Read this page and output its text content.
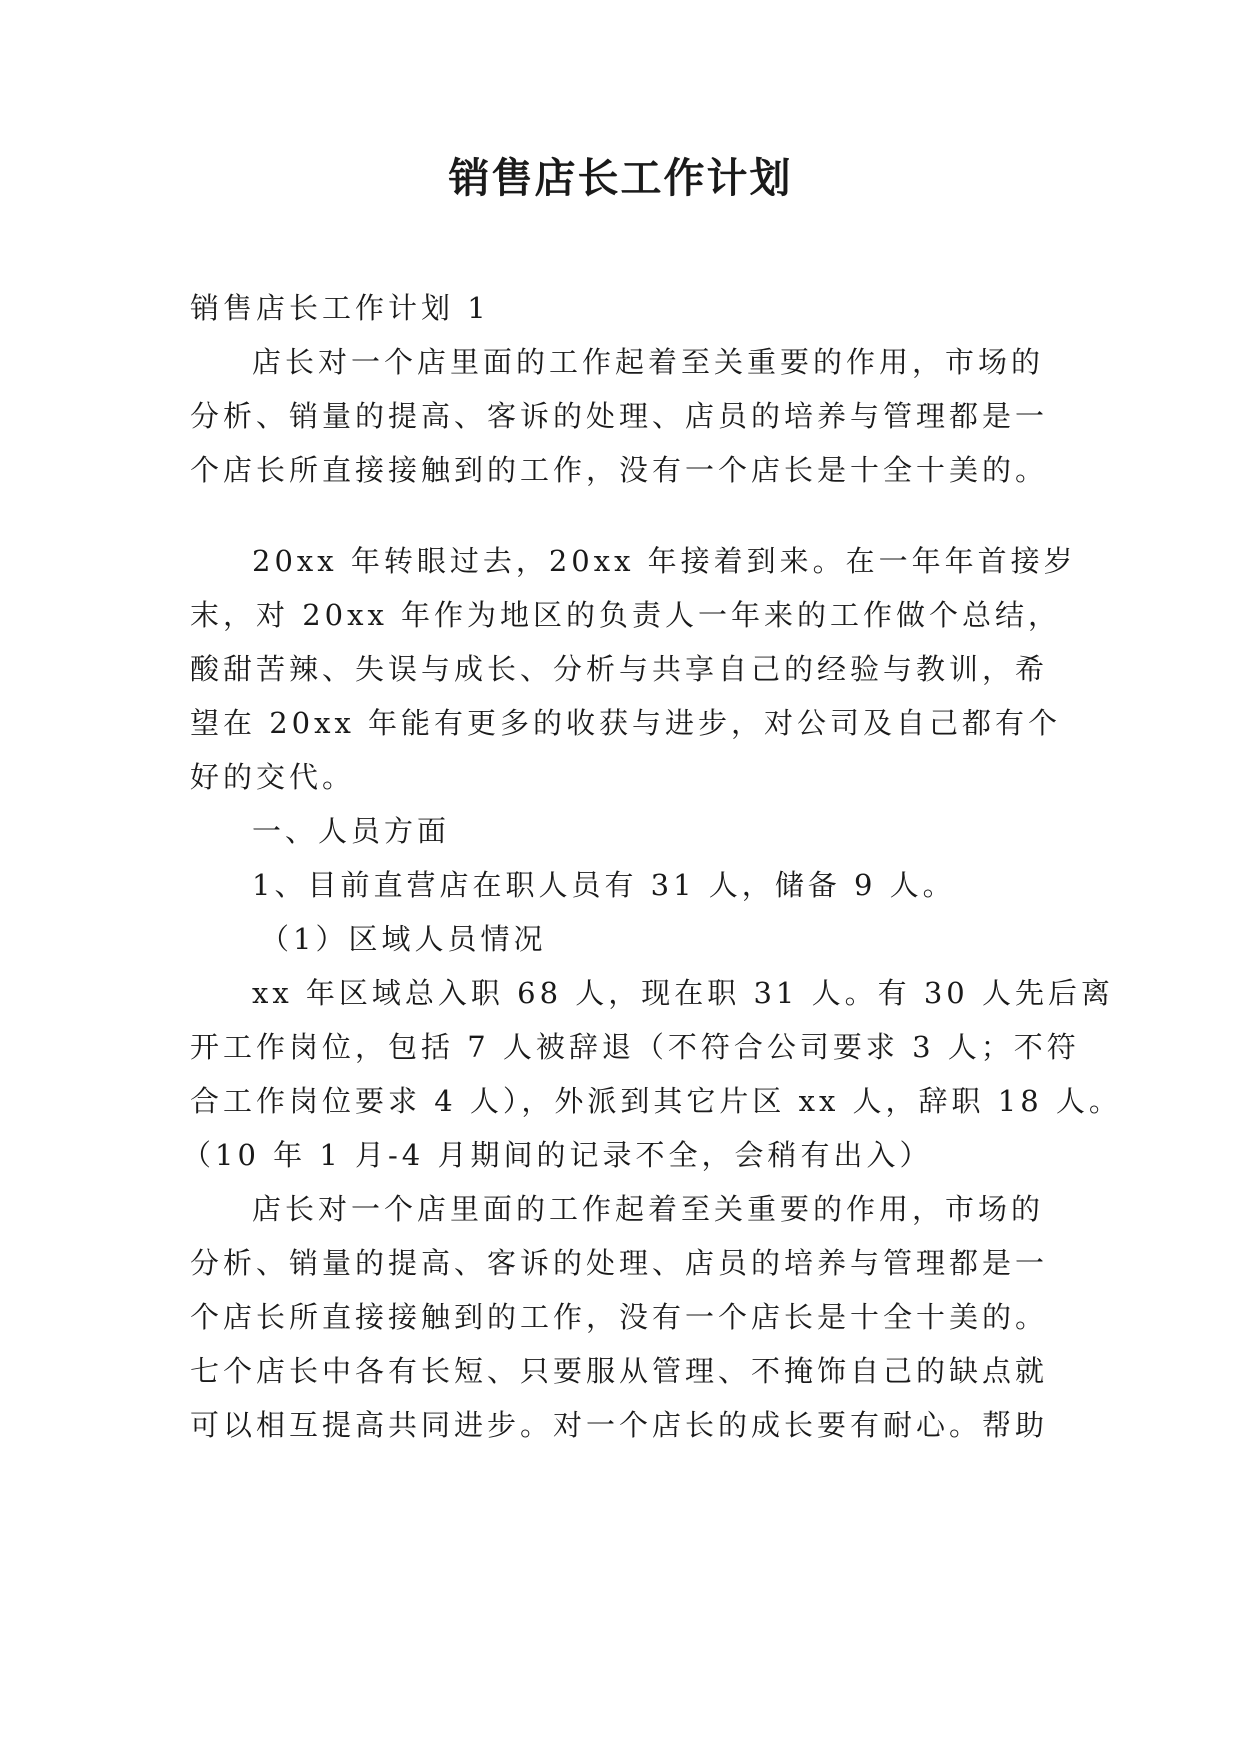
销售店长工作计划

销售店长工作计划 1

店长对一个店里面的工作起着至关重要的作用，市场的

分析、销量的提高、客诉的处理、店员的培养与管理都是一

个店长所直接接触到的工作，没有一个店长是十全十美的。

20xx 年转眼过去，20xx 年接着到来。在一年年首接岁

末，对 20xx 年作为地区的负责人一年来的工作做个总结，

酸甜苦辣、失误与成长、分析与共享自己的经验与教训，希

望在 20xx 年能有更多的收获与进步，对公司及自己都有个

好的交代。

一、人员方面

1、目前直营店在职人员有 31 人，储备 9 人。

（1）区域人员情况

xx 年区域总入职 68 人，现在职 31 人。有 30 人先后离

开工作岗位，包括 7 人被辞退（不符合公司要求 3 人；不符

合工作岗位要求 4 人），外派到其它片区 xx 人，辞职 18 人。

（10 年 1 月-4 月期间的记录不全，会稍有出入）

店长对一个店里面的工作起着至关重要的作用，市场的

分析、销量的提高、客诉的处理、店员的培养与管理都是一

个店长所直接接触到的工作，没有一个店长是十全十美的。

七个店长中各有长短、只要服从管理、不掩饰自己的缺点就

可以相互提高共同进步。对一个店长的成长要有耐心。帮助
